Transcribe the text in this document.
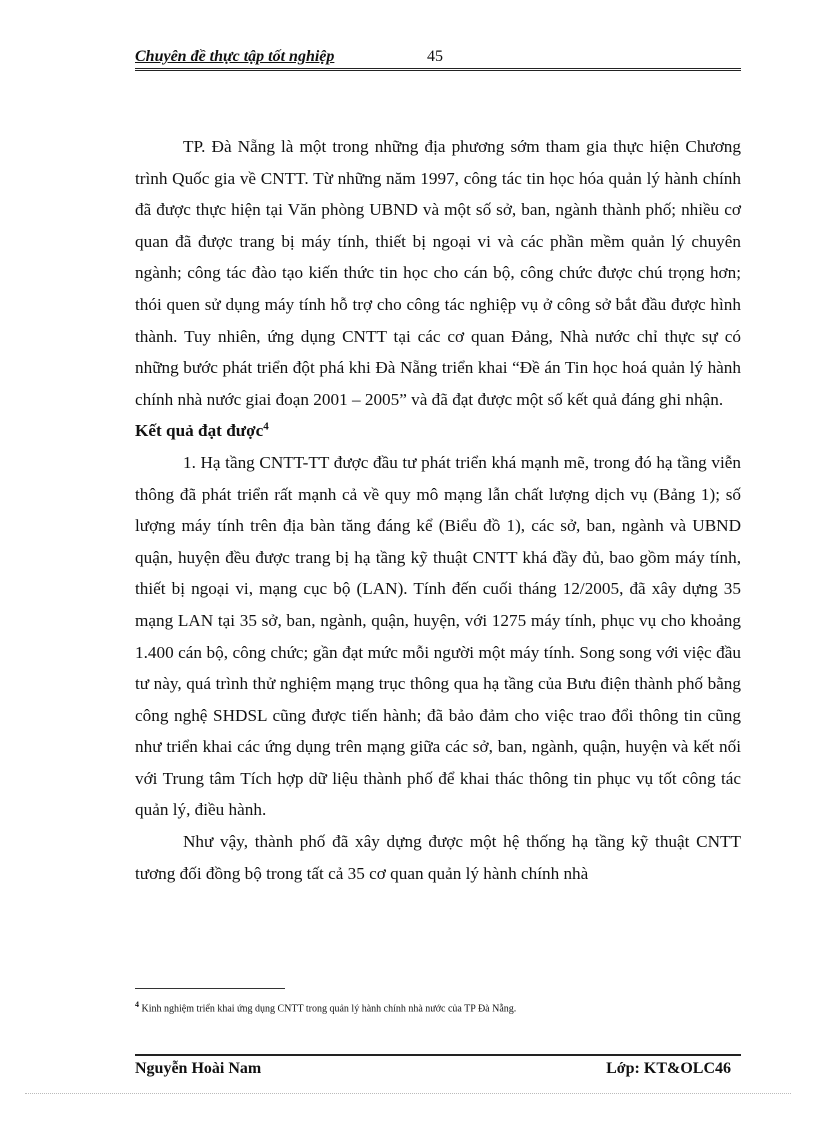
Chuyên đề thực tập tốt nghiệp	45

TP. Đà Nẵng là một trong những địa phương sớm tham gia thực hiện Chương trình Quốc gia về CNTT. Từ những năm 1997, công tác tin học hóa quản lý hành chính đã được thực hiện tại Văn phòng UBND và một số sở, ban, ngành thành phố; nhiều cơ quan đã được trang bị máy tính, thiết bị ngoại vi và các phần mềm quản lý chuyên ngành; công tác đào tạo kiến thức tin học cho cán bộ, công chức được chú trọng hơn; thói quen sử dụng máy tính hỗ trợ cho công tác nghiệp vụ ở công sở bắt đầu được hình thành. Tuy nhiên, ứng dụng CNTT tại các cơ quan Đảng, Nhà nước chỉ thực sự có những bước phát triển đột phá khi Đà Nẵng triển khai “Đề án Tin học hoá quản lý hành chính nhà nước giai đoạn 2001 – 2005” và đã đạt được một số kết quả đáng ghi nhận.

Kết quả đạt được$^4$

1. Hạ tầng CNTT-TT được đầu tư phát triển khá mạnh mẽ, trong đó hạ tầng viễn thông đã phát triển rất mạnh cả về quy mô mạng lẫn chất lượng dịch vụ (Bảng 1); số lượng máy tính trên địa bàn tăng đáng kể (Biểu đồ 1), các sở, ban, ngành và UBND quận, huyện đều được trang bị hạ tầng kỹ thuật CNTT khá đầy đủ, bao gồm máy tính, thiết bị ngoại vi, mạng cục bộ (LAN). Tính đến cuối tháng 12/2005, đã xây dựng 35 mạng LAN tại 35 sở, ban, ngành, quận, huyện, với 1275 máy tính, phục vụ cho khoảng 1.400 cán bộ, công chức; gần đạt mức mỗi người một máy tính. Song song với việc đầu tư này, quá trình thử nghiệm mạng trục thông qua hạ tầng của Bưu điện thành phố bằng công nghệ SHDSL cũng được tiến hành; đã bảo đảm cho việc trao đổi thông tin cũng như triển khai các ứng dụng trên mạng giữa các sở, ban, ngành, quận, huyện và kết nối với Trung tâm Tích hợp dữ liệu thành phố để khai thác thông tin phục vụ tốt công tác quản lý, điều hành.

Như vậy, thành phố đã xây dựng được một hệ thống hạ tầng kỹ thuật CNTT tương đối đồng bộ trong tất cả 35 cơ quan quản lý hành chính nhà

$^4$ Kinh nghiệm triển khai ứng dụng CNTT trong quản lý hành chính nhà nước của TP Đà Nẵng.
Nguyễn Hoài Nam	Lớp: KT&OLC46
